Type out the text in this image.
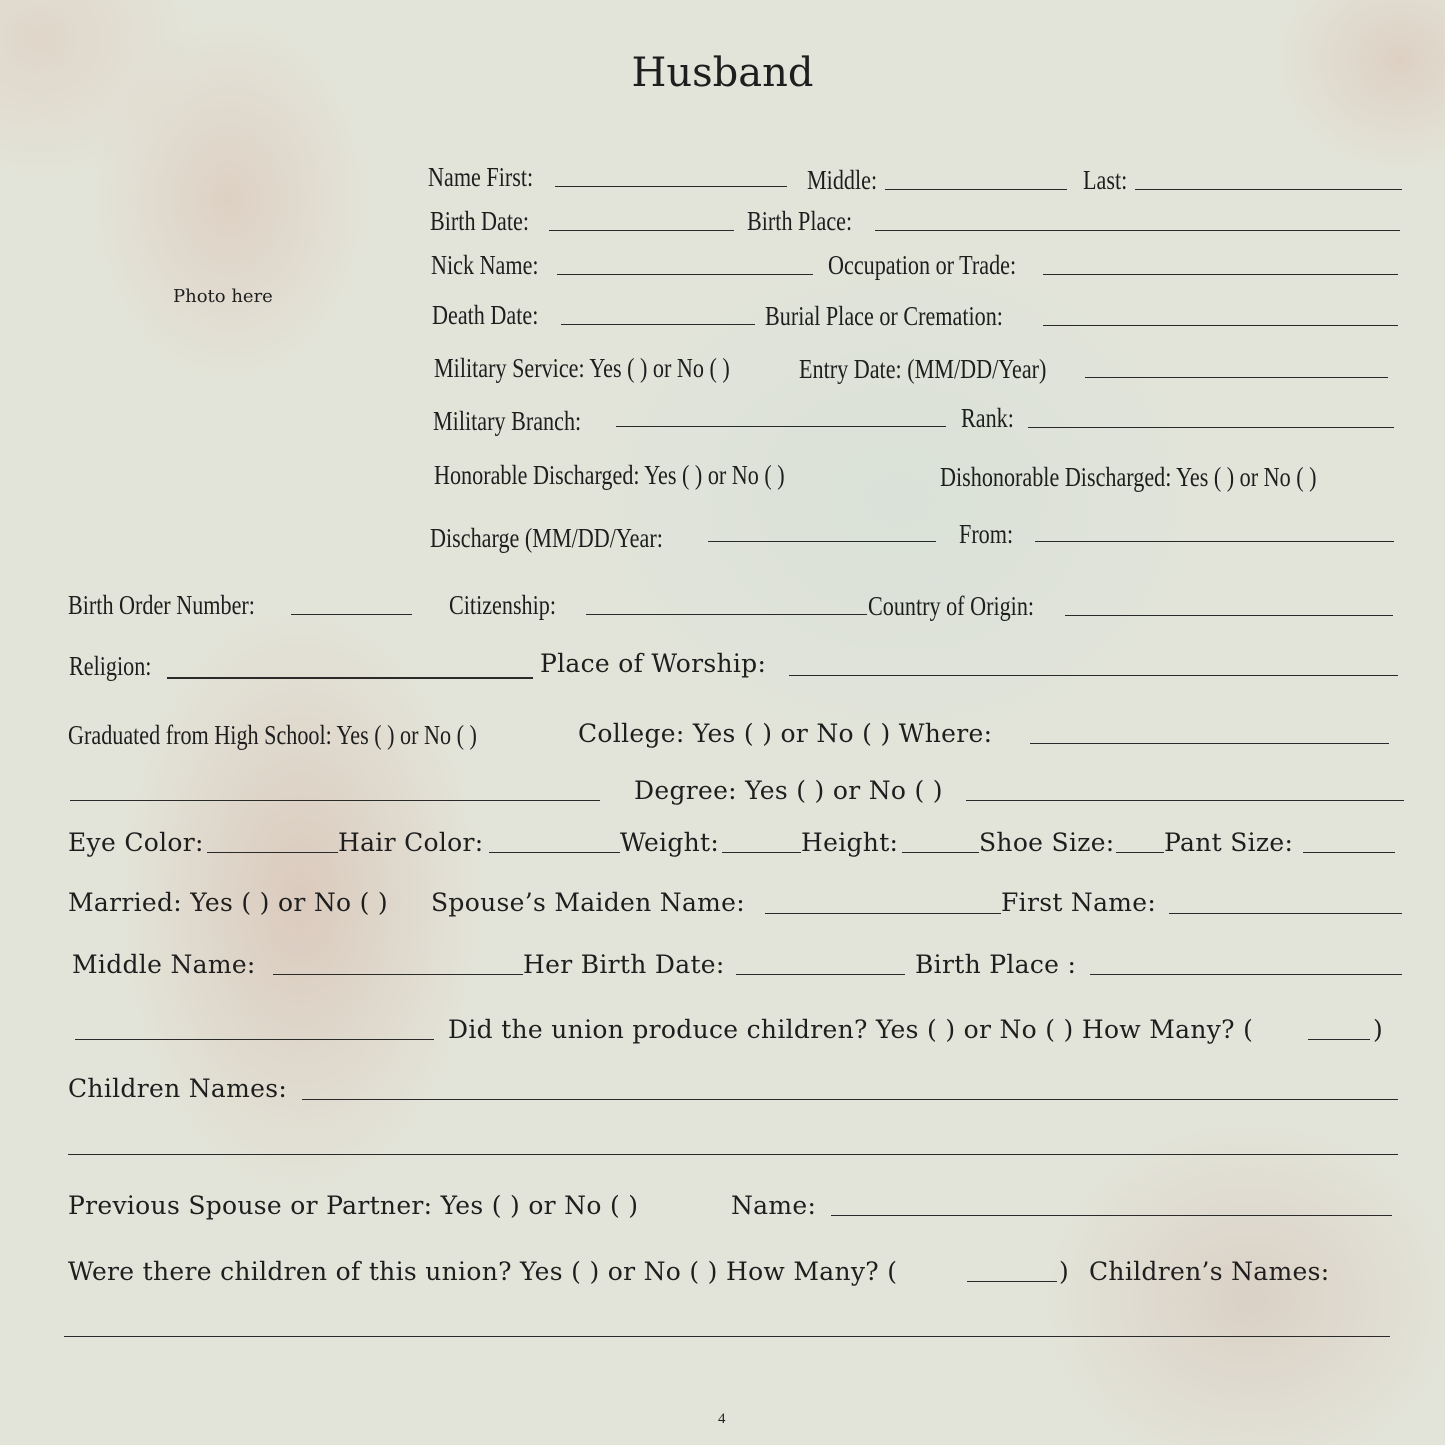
Husband
Photo here
Name First:	Middle:	Last:
Birth Date:	Birth Place:
Nick Name:	Occupation or Trade:
Death Date:	Burial Place or Cremation:
Military Service: Yes ( ) or No ( )	Entry Date: (MM/DD/Year)
Military Branch:	Rank:
Honorable Discharged: Yes ( ) or No ( )	Dishonorable Discharged: Yes ( ) or No ( )
Discharge (MM/DD/Year:	From:
Birth Order Number:	Citizenship:	Country of Origin:
Religion:	Place of Worship:
Graduated from High School: Yes ( ) or No ( )	College: Yes ( ) or No ( ) Where:
Degree: Yes ( ) or No ( )
Eye Color:	Hair Color:	Weight:	Height:	Shoe Size: Pant Size:
Married: Yes ( ) or No ( ) Spouse’s Maiden Name:	First Name:
Middle Name:	Her Birth Date:	Birth Place :
Did the union produce children? Yes ( ) or No ( ) How Many? (	)
Children Names:
Previous Spouse or Partner: Yes ( ) or No ( )	Name:
Were there children of this union? Yes ( ) or No ( ) How Many? (	) Children’s Names:
4
